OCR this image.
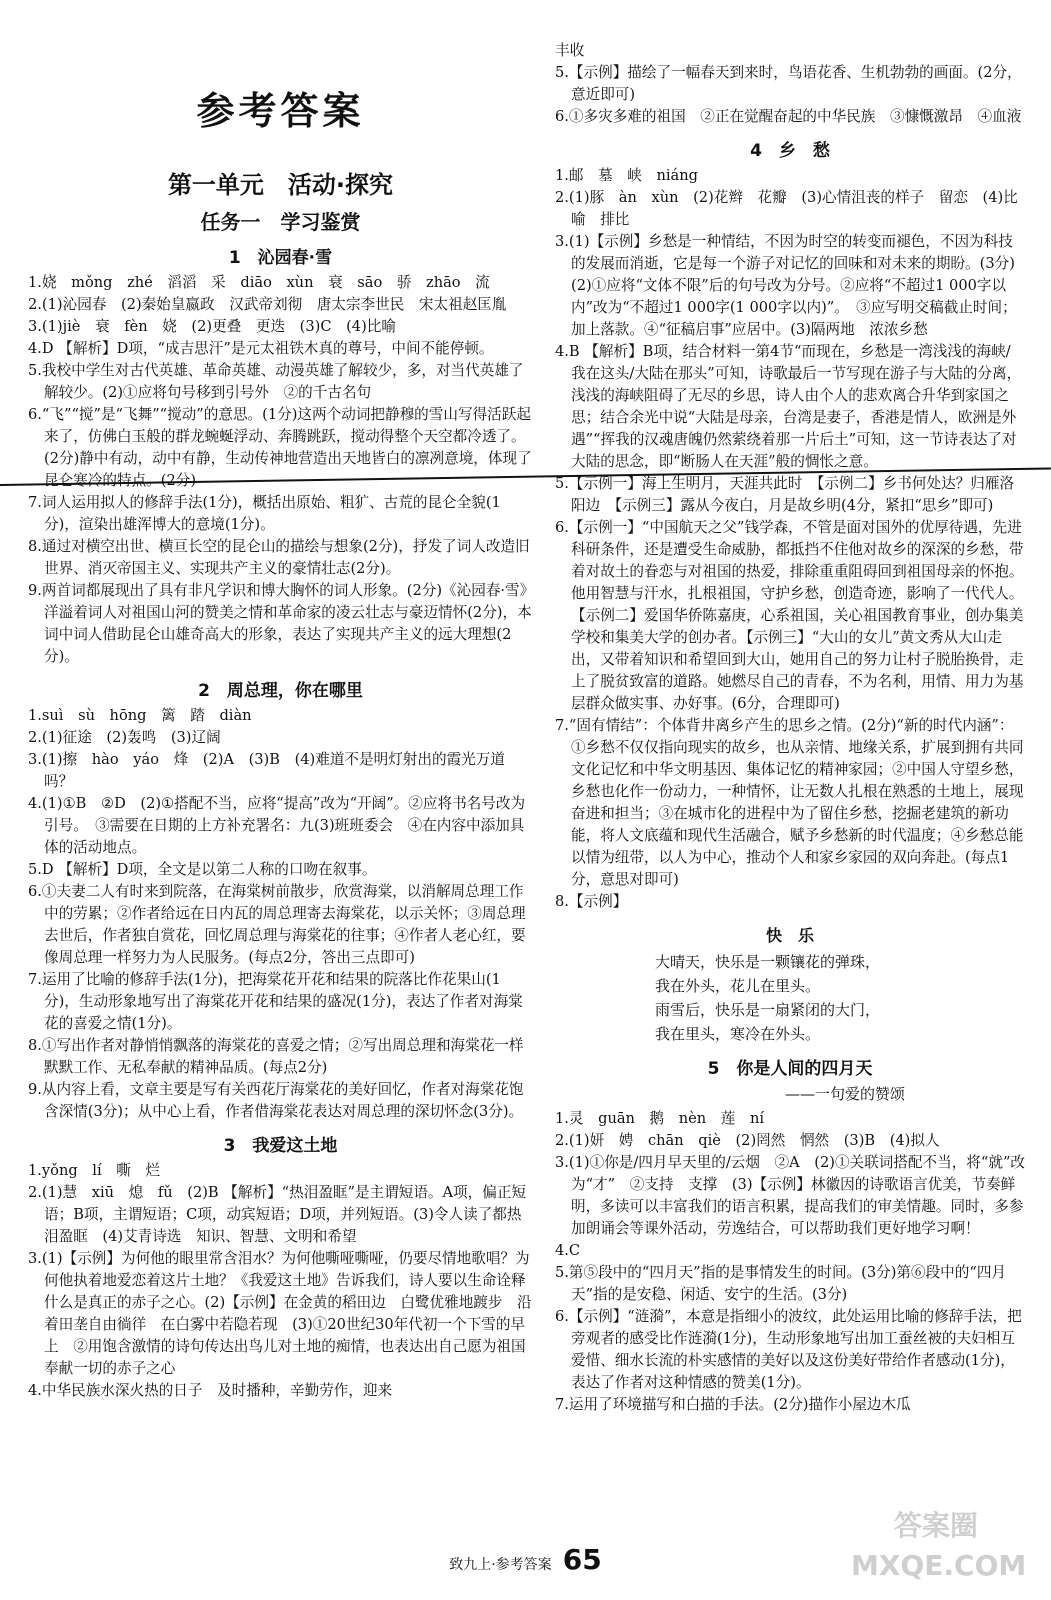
参考答案
第一单元　活动·探究
任务一　学习鉴赏
1　沁园春·雪

1.娆　mǒng　zhé　滔滔　采　diāo　xùn　衰　sāo　骄　zhāo　流

2.(1)沁园春　(2)秦始皇嬴政　汉武帝刘彻　唐太宗李世民　宋太祖赵匡胤

3.(1)jiè　衰　fèn　娆　(2)更叠　更迭　(3)C　(4)比喻

4.D 【解析】D项，“成吉思汗”是元太祖铁木真的尊号，中间不能停顿。

5.我校中学生对古代英雄、革命英雄、动漫英雄了解较少，多，对当代英雄了解较少。(2)①应将句号移到引号外　②的千古名句

6.“飞”“搅”是“飞舞”“搅动”的意思。(1分)这两个动词把静穆的雪山写得活跃起来了，仿佛白玉般的群龙蜿蜒浮动、奔腾跳跃，搅动得整个天空都冷透了。(2分)静中有动，动中有静，生动传神地营造出天地皆白的凛冽意境，体现了昆仑寒冷的特点。(2分)

7.词人运用拟人的修辞手法(1分)，概括出原始、粗犷、古荒的昆仑全貌(1分)，渲染出雄浑博大的意境(1分)。

8.通过对横空出世、横亘长空的昆仑山的描绘与想象(2分)，抒发了词人改造旧世界、消灭帝国主义、实现共产主义的豪情壮志(2分)。

9.两首词都展现出了具有非凡学识和博大胸怀的词人形象。(2分)《沁园春·雪》洋溢着词人对祖国山河的赞美之情和革命家的凌云壮志与豪迈情怀(2分)，本词中词人借助昆仑山雄奇高大的形象，表达了实现共产主义的远大理想(2分)。

2　周总理，你在哪里

1.suì　sù　hōng　篱　踏　diàn

2.(1)征途　(2)轰鸣　(3)辽阔

3.(1)擦　hào　yáo　烽　(2)A　(3)B　(4)难道不是明灯射出的霞光万道吗？

4.(1)①B　②D　(2)①搭配不当，应将“提高”改为“开阔”。②应将书名号改为引号。　③需要在日期的上方补充署名：九(3)班班委会　④在内容中添加具体的活动地点。

5.D 【解析】D项，全文是以第二人称的口吻在叙事。

6.①夫妻二人有时来到院落，在海棠树前散步，欣赏海棠，以消解周总理工作中的劳累；②作者给远在日内瓦的周总理寄去海棠花，以示关怀；③周总理去世后，作者独自赏花，回忆周总理与海棠花的往事；④作者人老心红，要像周总理一样努力为人民服务。(每点2分，答出三点即可)

7.运用了比喻的修辞手法(1分)，把海棠花开花和结果的院落比作花果山(1分)，生动形象地写出了海棠花开花和结果的盛况(1分)，表达了作者对海棠花的喜爱之情(1分)。

8.①写出作者对静悄悄飘落的海棠花的喜爱之情；②写出周总理和海棠花一样默默工作、无私奉献的精神品质。(每点2分)

9.从内容上看，文章主要是写有关西花厅海棠花的美好回忆，作者对海棠花饱含深情(3分)；从中心上看，作者借海棠花表达对周总理的深切怀念(3分)。

3　我爱这土地

1.yǒng　lí　嘶　烂

2.(1)慧　xiū　熄　fǔ　(2)B 【解析】“热泪盈眶”是主谓短语。A项，偏正短语；B项，主谓短语；C项，动宾短语；D项，并列短语。(3)令人读了都热泪盈眶　(4)艾青诗选　知识、智慧、文明和希望

3.(1)【示例】为何他的眼里常含泪水？为何他嘶哑嘶哑，仍要尽情地歌唱？为何他执着地爱恋着这片土地？《我爱这土地》告诉我们，诗人要以生命诠释什么是真正的赤子之心。(2)【示例】在金黄的稻田边　白鹭优雅地踱步　沿着田垄自由徜徉　在白雾中若隐若现　(3)①20世纪30年代初一个下雪的早上　②用饱含激情的诗句传达出鸟儿对土地的痴情，也表达出自己愿为祖国奉献一切的赤子之心

4.中华民族水深火热的日子　及时播种，辛勤劳作，迎来

丰收

5.【示例】描绘了一幅春天到来时，鸟语花香、生机勃勃的画面。(2分，意近即可)

6.①多灾多难的祖国　②正在觉醒奋起的中华民族　③慷慨激昂　④血液

4　乡　愁

1.邮　墓　峡　niáng

2.(1)豚　àn　xùn　(2)花辫　花瓣　(3)心情沮丧的样子　留恋　(4)比喻　排比

3.(1)【示例】乡愁是一种情结，不因为时空的转变而褪色，不因为科技的发展而消逝，它是每一个游子对记忆的回味和对未来的期盼。(3分)(2)①应将“文体不限”后的句号改为分号。②应将“不超过1 000字以内”改为“不超过1 000字(1 000字以内)”。　③应写明交稿截止时间；加上落款。④“征稿启事”应居中。(3)隔两地　浓浓乡愁

4.B 【解析】B项，结合材料一第4节“而现在，乡愁是一湾浅浅的海峡/我在这头/大陆在那头”可知，诗歌最后一节写现在游子与大陆的分离，浅浅的海峡阻碍了无尽的乡思，诗人由个人的悲欢离合升华到家国之思；结合余光中说“大陆是母亲，台湾是妻子，香港是情人，欧洲是外遇”“挥我的汉魂唐魄仍然萦绕着那一片后土”可知，这一节诗表达了对大陆的思念，即“断肠人在天涯”般的惆怅之意。

5.【示例一】海上生明月，天涯共此时　【示例二】乡书何处达？归雁洛阳边　【示例三】露从今夜白，月是故乡明(4分，紧扣“思乡”即可)

6.【示例一】“中国航天之父”钱学森，不管是面对国外的优厚待遇，先进科研条件，还是遭受生命威胁，都抵挡不住他对故乡的深深的乡愁，带着对故土的眷恋与对祖国的热爱，排除重重阻碍回到祖国母亲的怀抱。他用智慧与汗水，扎根祖国，守护乡愁，创造奇迹，影响了一代代人。【示例二】爱国华侨陈嘉庚，心系祖国，关心祖国教育事业，创办集美学校和集美大学的创办者。【示例三】“大山的女儿”黄文秀从大山走出，又带着知识和希望回到大山，她用自己的努力让村子脱胎换骨，走上了脱贫致富的道路。她燃尽自己的青春，不为名利，用情、用力为基层群众做实事、办好事。(6分，合理即可)

7.“固有情结”：个体背井离乡产生的思乡之情。(2分)“新的时代内涵”：①乡愁不仅仅指向现实的故乡，也从亲情、地缘关系，扩展到拥有共同文化记忆和中华文明基因、集体记忆的精神家园；②中国人守望乡愁，乡愁也化作一份动力，一种情怀，让无数人扎根在熟悉的土地上，展现奋进和担当；③在城市化的进程中为了留住乡愁，挖掘老建筑的新功能，将人文底蕴和现代生活融合，赋予乡愁新的时代温度；④乡愁总能以情为纽带，以人为中心，推动个人和家乡家园的双向奔赴。(每点1分，意思对即可)

8.【示例】

快　乐

大晴天，快乐是一颗镶花的弹珠，

我在外头，花儿在里头。

雨雪后，快乐是一扇紧闭的大门，

我在里头，寒冷在外头。

5　你是人间的四月天
——一句爱的赞颂

1.灵　guān　鹅　nèn　莲　ní

2.(1)妍　娉　chān　qiè　(2)罔然　惘然　(3)B　(4)拟人

3.(1)①你是/四月早天里的/云烟　②A　(2)①关联词搭配不当，将“就”改为“才”　②支持　支撑　(3)【示例】林徽因的诗歌语言优美，节奏鲜明，多读可以丰富我们的语言积累，提高我们的审美情趣。同时，多参加朗诵会等课外活动，劳逸结合，可以帮助我们更好地学习啊！

4.C

5.第⑤段中的“四月天”指的是事情发生的时间。(3分)第⑥段中的“四月天”指的是安稳、闲适、安宁的生活。(3分)

6.【示例】“涟漪”，本意是指细小的波纹，此处运用比喻的修辞手法，把旁观者的感受比作涟漪(1分)，生动形象地写出加工蚕丝被的夫妇相互爱惜、细水长流的朴实感情的美好以及这份美好带给作者感动(1分)，表达了作者对这种情感的赞美(1分)。

7.运用了环境描写和白描的手法。(2分)描作小屋边木瓜

致九上·参考答案 65
答案圈
MXQE.COM
